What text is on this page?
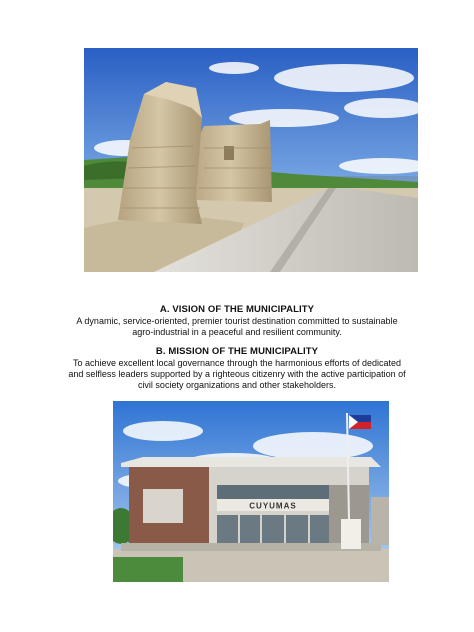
A. VISION OF THE MUNICIPALITY
A dynamic, service-oriented, premier tourist destination committed to sustainable agro-industrial in a peaceful and resilient community.
B. MISSION OF THE MUNICIPALITY
To achieve excellent local governance through the harmonious efforts of dedicated and selfless leaders supported by a righteous citizenry with the active participation of civil society organizations and other stakeholders.
CUYUMAS
